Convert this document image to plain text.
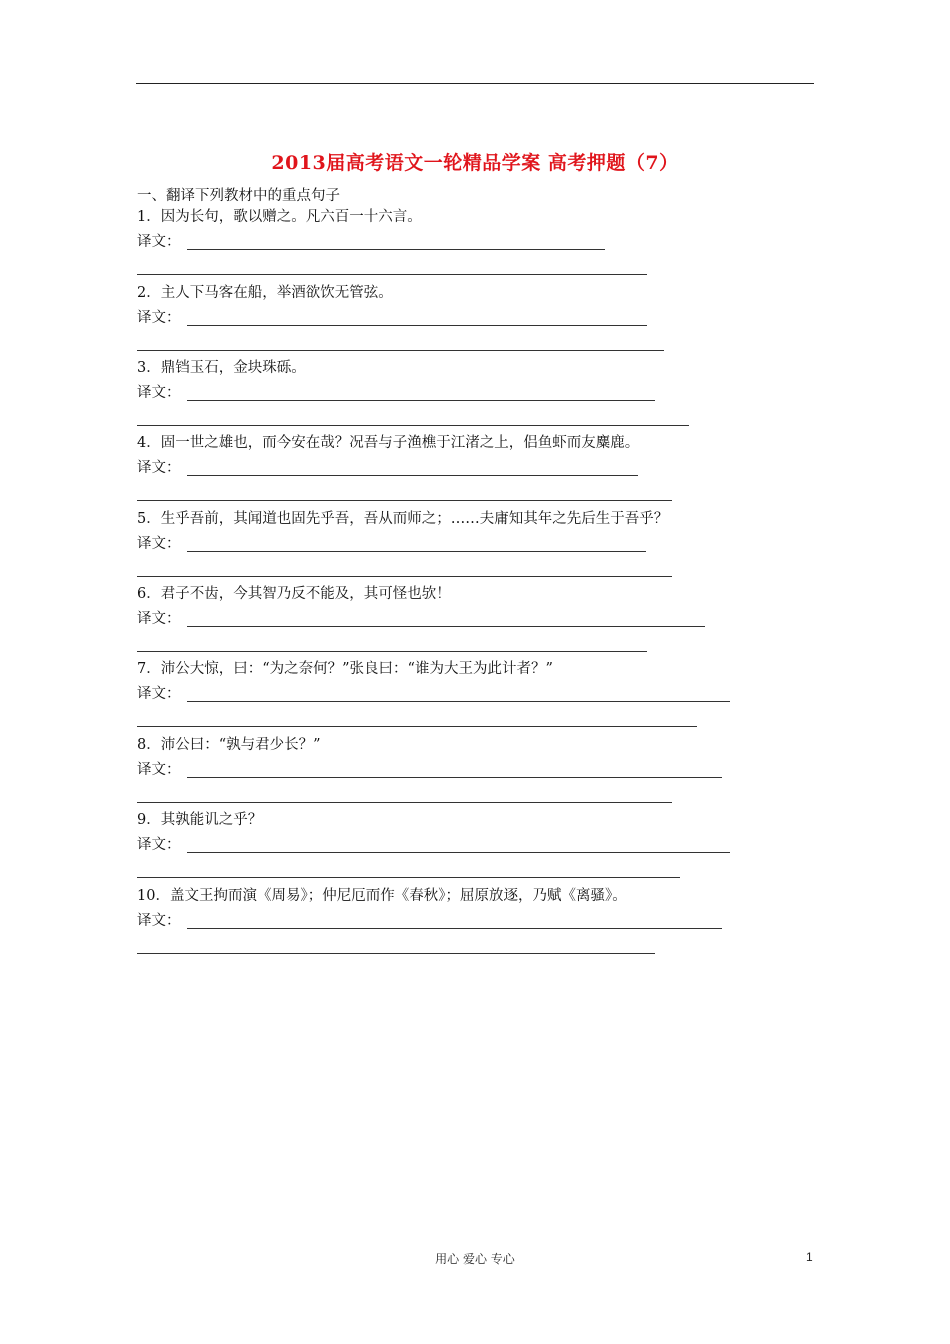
2013届高考语文一轮精品学案 高考押题（7）
一、翻译下列教材中的重点句子
1．因为长句，歌以赠之。凡六百一十六言。
译文：
2．主人下马客在船，举酒欲饮无管弦。
译文：
3．鼎铛玉石，金块珠砾。
译文：
4．固一世之雄也，而今安在哉？况吾与子渔樵于江渚之上，侣鱼虾而友麋鹿。
译文：
5．生乎吾前，其闻道也固先乎吾，吾从而师之；……夫庸知其年之先后生于吾乎？
译文：
6．君子不齿，今其智乃反不能及，其可怪也欤！
译文：
7．沛公大惊，曰：“为之奈何？”张良曰：“谁为大王为此计者？”
译文：
8．沛公曰：“孰与君少长？”
译文：
9．其孰能讥之乎？
译文：
10．盖文王拘而演《周易》；仲尼厄而作《春秋》；屈原放逐，乃赋《离骚》。
译文：
用心 爱心 专心	1
